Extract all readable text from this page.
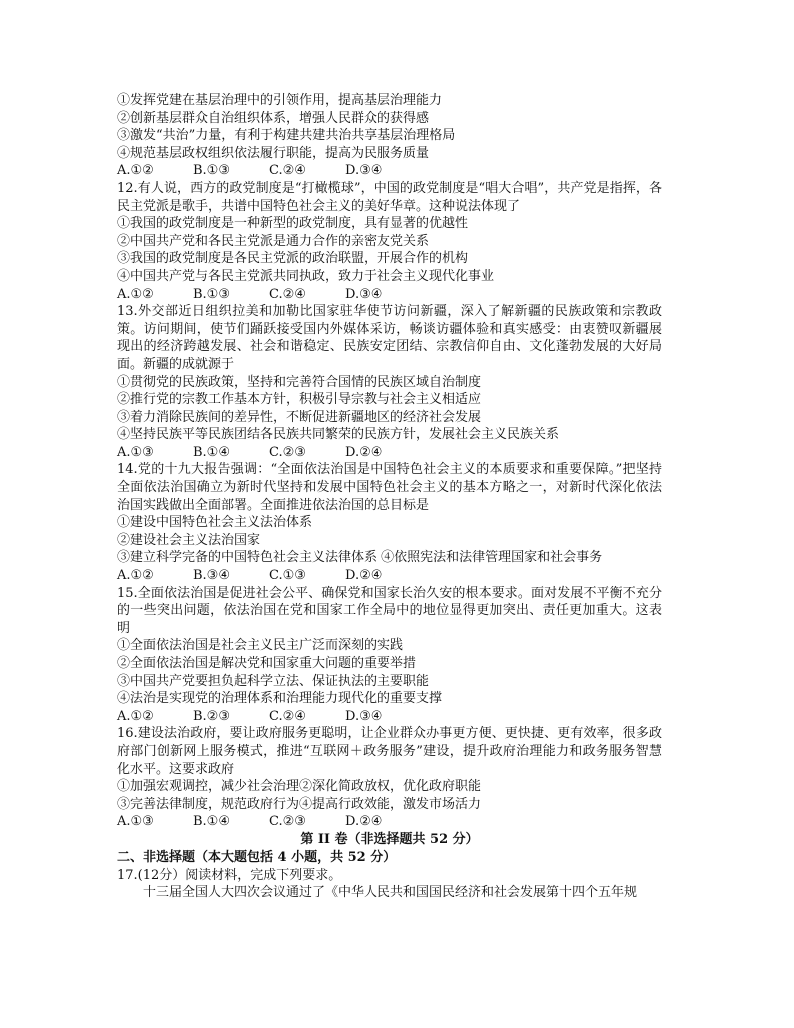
①发挥党建在基层治理中的引领作用，提高基层治理能力
②创新基层群众自治组织体系，增强人民群众的获得感
③激发“共治”力量，有利于构建共建共治共享基层治理格局
④规范基层政权组织依法履行职能，提高为民服务质量
A.①②	B.①③	C.②④	D.③④
12.有人说，西方的政党制度是“打橄榄球”，中国的政党制度是“唱大合唱”，共产党是指挥，各民主党派是歌手，共谱中国特色社会主义的美好华章。这种说法体现了
①我国的政党制度是一种新型的政党制度，具有显著的优越性
②中国共产党和各民主党派是通力合作的亲密友党关系
③我国的政党制度是各民主党派的政治联盟，开展合作的机构
④中国共产党与各民主党派共同执政，致力于社会主义现代化事业
A.①②	B.①③	C.②④	D.③④
13.外交部近日组织拉美和加勒比国家驻华使节访问新疆，深入了解新疆的民族政策和宗教政策。访问期间，使节们踊跃接受国内外媒体采访，畅谈访疆体验和真实感受：由衷赞叹新疆展现出的经济跨越发展、社会和谐稳定、民族安定团结、宗教信仰自由、文化蓬勃发展的大好局面。新疆的成就源于
①贯彻党的民族政策，坚持和完善符合国情的民族区域自治制度
②推行党的宗教工作基本方针，积极引导宗教与社会主义相适应
③着力消除民族间的差异性，不断促进新疆地区的经济社会发展
④坚持民族平等民族团结各民族共同繁荣的民族方针，发展社会主义民族关系
A.①③	B.①④	C.②③	D.②④
14.党的十九大报告强调：“全面依法治国是中国特色社会主义的本质要求和重要保障。”把坚持全面依法治国确立为新时代坚持和发展中国特色社会主义的基本方略之一，对新时代深化依法治国实践做出全面部署。全面推进依法治国的总目标是
①建设中国特色社会主义法治体系
②建设社会主义法治国家
③建立科学完备的中国特色社会主义法律体系 ④依照宪法和法律管理国家和社会事务
A.①②	B.③④	C.①③	D.②④
15.全面依法治国是促进社会公平、确保党和国家长治久安的根本要求。面对发展不平衡不充分的一些突出问题，依法治国在党和国家工作全局中的地位显得更加突出、责任更加重大。这表明
①全面依法治国是社会主义民主广泛而深刻的实践
②全面依法治国是解决党和国家重大问题的重要举措
③中国共产党要担负起科学立法、保证执法的主要职能
④法治是实现党的治理体系和治理能力现代化的重要支撑
A.①②	B.②③	C.②④	D.③④
16.建设法治政府，要让政府服务更聪明，让企业群众办事更方便、更快捷、更有效率，很多政府部门创新网上服务模式，推进“互联网＋政务服务”建设，提升政府治理能力和政务服务智慧化水平。这要求政府
①加强宏观调控，减少社会治理②深化简政放权，优化政府职能
③完善法律制度，规范政府行为④提高行政效能，激发市场活力
A.①③	B.①④	C.②③	D.②④
第 II 卷（非选择题共 52 分）
二、非选择题（本大题包括 4 小题，共 52 分）
17.(12分）阅读材料，完成下列要求。
十三届全国人大四次会议通过了《中华人民共和国国民经济和社会发展第十四个五年规
